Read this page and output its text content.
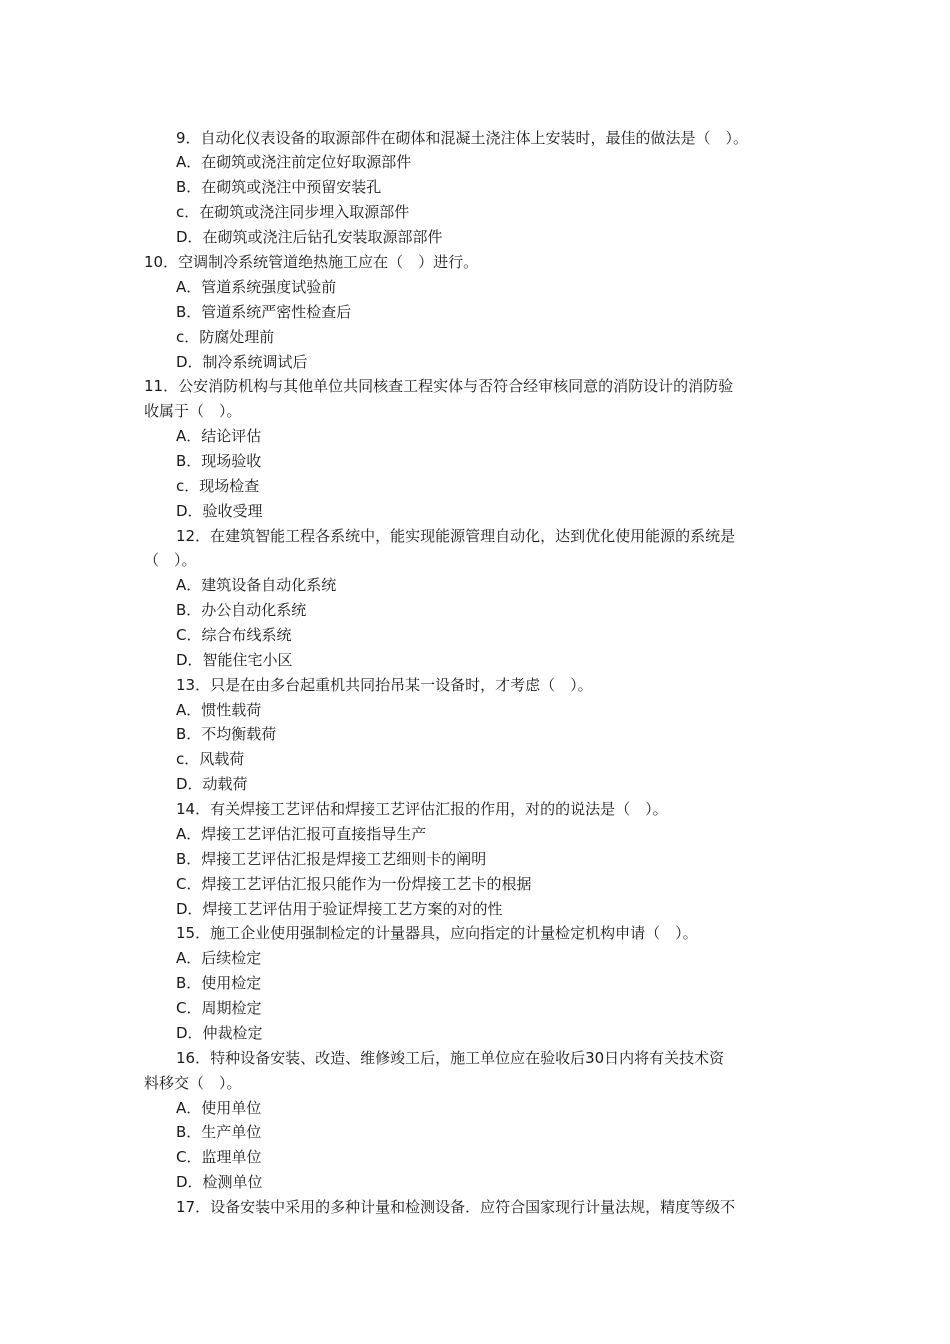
9．自动化仪表设备的取源部件在砌体和混凝土浇注体上安装时，最佳的做法是（　）。
A．在砌筑或浇注前定位好取源部件
B．在砌筑或浇注中预留安装孔
c．在砌筑或浇注同步埋入取源部件
D．在砌筑或浇注后钻孔安装取源部部件
10．空调制冷系统管道绝热施工应在（　）进行。
A．管道系统强度试验前
B．管道系统严密性检查后
c．防腐处理前
D．制冷系统调试后
11．公安消防机构与其他单位共同核查工程实体与否符合经审核同意的消防设计的消防验
收属于（　）。
A．结论评估
B．现场验收
c．现场检查
D．验收受理
12．在建筑智能工程各系统中，能实现能源管理自动化，达到优化使用能源的系统是
（　）。
A．建筑设备自动化系统
B．办公自动化系统
C．综合布线系统
D．智能住宅小区
13．只是在由多台起重机共同抬吊某一设备时，才考虑（　）。
A．惯性载荷
B．不均衡载荷
c．风载荷
D．动载荷
14．有关焊接工艺评估和焊接工艺评估汇报的作用，对的的说法是（　）。
A．焊接工艺评估汇报可直接指导生产
B．焊接工艺评估汇报是焊接工艺细则卡的阐明
C．焊接工艺评估汇报只能作为一份焊接工艺卡的根据
D．焊接工艺评估用于验证焊接工艺方案的对的性
15．施工企业使用强制检定的计量器具，应向指定的计量检定机构申请（　）。
A．后续检定
B．使用检定
C．周期检定
D．仲裁检定
16．特种设备安装、改造、维修竣工后，施工单位应在验收后30日内将有关技术资
料移交（　）。
A．使用单位
B．生产单位
C．监理单位
D．检测单位
17．设备安装中采用的多种计量和检测设备．应符合国家现行计量法规，精度等级不
